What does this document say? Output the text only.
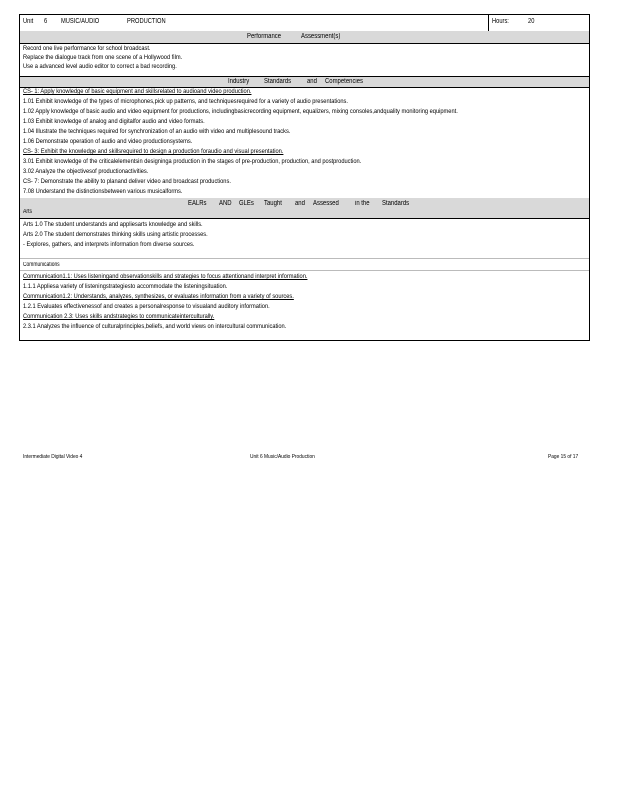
Unit 6 MUSIC/AUDIO	PRODUCTION	Hours:	20
Performance	Assessment(s)
Record one live performance for school broadcast.
Replace the dialogue track from one scene of a Hollywood film.
Use a advanced level audio editor to correct a bad recording.
Industry Standards and Competencies
CS- 1: Apply knowledge of basic equipment and skillsrelated to audioand video production.
1.01 Exhibit knowledge of the types of microphones,pick up patterns, and techniquesrequired for a variety of audio presentations.
1.02 Apply knowledge of basic audio and video equipment for productions, includingbasicrecording equipment, equalizers, mixing consoles,andquality monitoring equipment.
1.03 Exhibit knowledge of analog and digitalfor audio and video formats.
1.04 Illustrate the techniques required for synchronization of an audio with video and multiplesound tracks.
1.06 Demonstrate operation of audio and video productionsystems.
CS- 3: Exhibit the knowledge and skillsrequired to design a production foraudio and visual presentation.
3.01 Exhibit knowledge of the criticalelementsin designinga production in the stages of pre-production, production, and postproduction.
3.02 Analyze the objectivesof productionactivities.
CS- 7: Demonstrate the ability to planand deliver video and broadcast productions.
7.08 Understand the distinctionsbetween various musicalforms.
EALRs AND GLEs Taught and Assessed in the Standards
Arts
Arts 1.0 The student understands and appliesarts knowledge and skills.
Arts 2.0 The student demonstrates thinking skills using artistic processes.
- Explores, gathers, and interprets information from diverse sources.
Communications
Communication1.1: Uses listeningand observationskills and strategies to focus attentionand interpret information.
1.1.1 Appliesa variety of listeningstrategiesto accommodate the listeningsituation.
Communication1.2: Understands, analyzes, synthesizes, or evaluates information from a variety of sources.
1.2.1 Evaluates effectivenessof and creates a personalresponse to visualand auditory information.
Communication 2.3: Uses skills andstrategies to communicateinterculturally.
2.3.1 Analyzes the influence of culturalprinciples,beliefs, and world views on intercultural communication.
Intermediate Digital Video 4	Unit 6 Music/Audio Production	Page 15 of 17
